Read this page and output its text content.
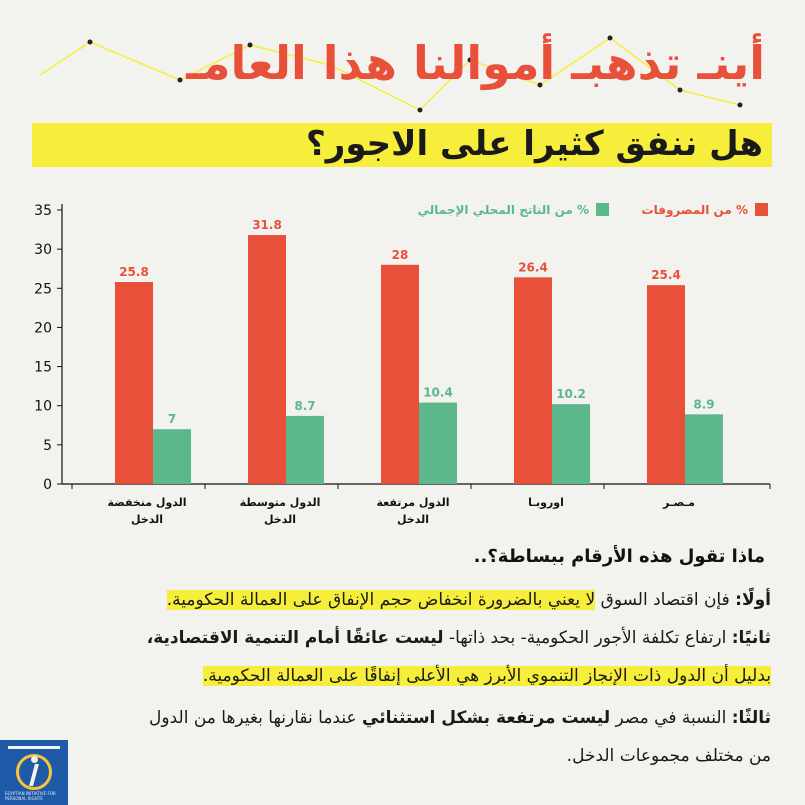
أينـ تذهبـ أموالنا هذا العامـ
هل ننفق كثيرا على الاجور؟
0
5
10
15
20
25
30
35
25.8
7
الدول منخفضة
الدخل
31.8
8.7
الدول متوسطة
الدخل
28
10.4
الدول مرتفعة
الدخل
26.4
10.2
اوروبـا
25.4
8.9
مـصـر
% من المصروفات
% من الناتج المحلي الإجمالي
ماذا تقول هذه الأرقام ببساطة؟..
أولًا: فإن اقتصاد السوق لا يعني بالضرورة انخفاض حجم الإنفاق على العمالة الحكومية.
ثانيًا: ارتفاع تكلفة الأجور الحكومية- بحد ذاتها- ليست عائقًا أمام التنمية الاقتصادية،
بدليل أن الدول ذات الإنجاز التنموي الأبرز هي الأعلى إنفاقًا على العمالة الحكومية.
ثالثًا: النسبة في مصر ليست مرتفعة بشكل استثنائي عندما نقارنها بغيرها من الدول
من مختلف مجموعات الدخل.
EGYPTIAN INITIATIVE FOR PERSONAL RIGHTS
